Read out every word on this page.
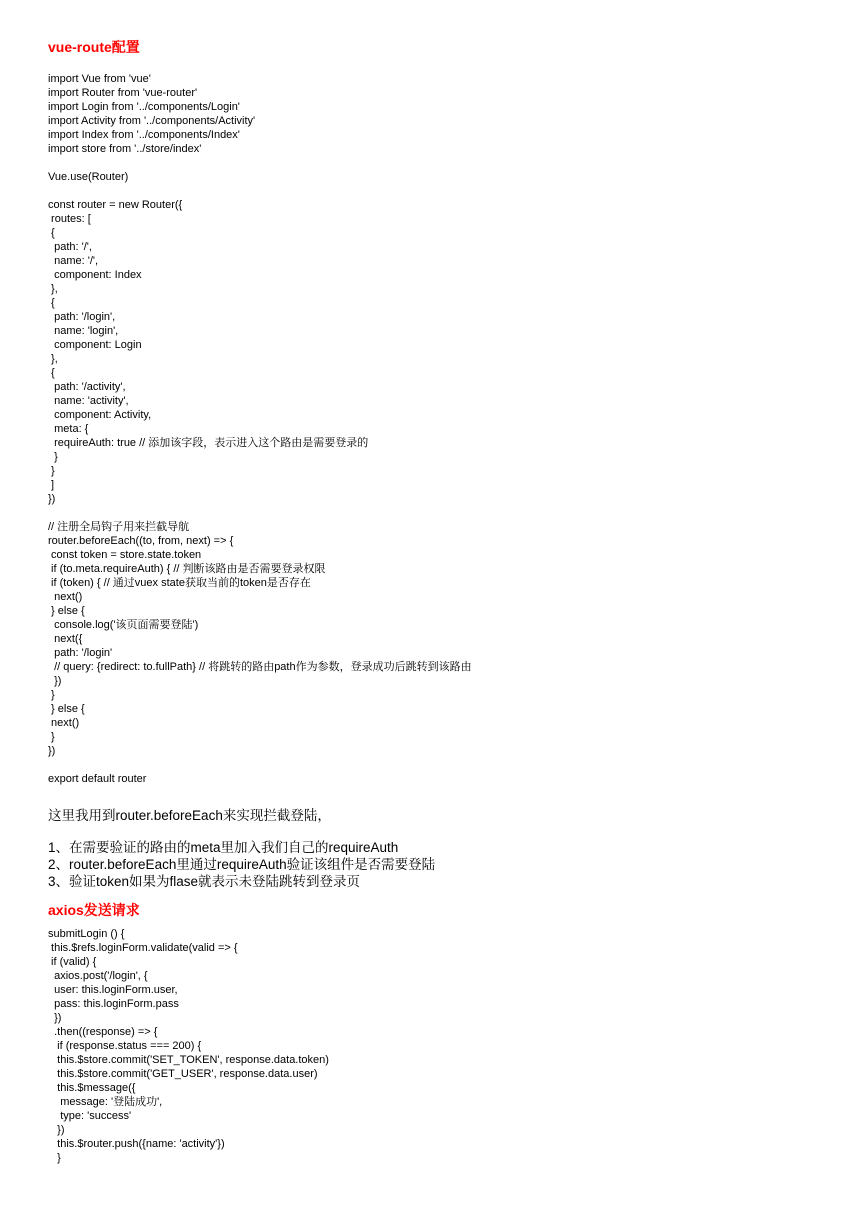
vue-route配置
import Vue from 'vue'
import Router from 'vue-router'
import Login from '../components/Login'
import Activity from '../components/Activity'
import Index from '../components/Index'
import store from '../store/index'
Vue.use(Router)
const router = new Router({
routes: [
{
path: '/',
name: '/',
component: Index
},
{
path: '/login',
name: 'login',
component: Login
},
{
path: '/activity',
name: 'activity',
component: Activity,
meta: {
requireAuth: true // 添加该字段，表示进入这个路由是需要登录的
}
}
]
})
// 注册全局钩子用来拦截导航
router.beforeEach((to, from, next) => {
const token = store.state.token
if (to.meta.requireAuth) { // 判断该路由是否需要登录权限
if (token) { // 通过vuex state获取当前的token是否存在
next()
} else {
console.log('该页面需要登陆')
next({
path: '/login'
// query: {redirect: to.fullPath} // 将跳转的路由path作为参数，登录成功后跳转到该路由
})
}
} else {
next()
}
})
export default router

这里我用到router.beforeEach来实现拦截登陆，

1、在需要验证的路由的meta里加入我们自己的requireAuth
2、router.beforeEach里通过requireAuth验证该组件是否需要登陆
3、验证token如果为flase就表示未登陆跳转到登录页
axios发送请求
submitLogin () {
this.$refs.loginForm.validate(valid => {
if (valid) {
axios.post('/login', {
user: this.loginForm.user,
pass: this.loginForm.pass
})
.then((response) => {
if (response.status === 200) {
this.$store.commit('SET_TOKEN', response.data.token)
this.$store.commit('GET_USER', response.data.user)
this.$message({
message: '登陆成功',
type: 'success'
})
this.$router.push({name: 'activity'})
}
